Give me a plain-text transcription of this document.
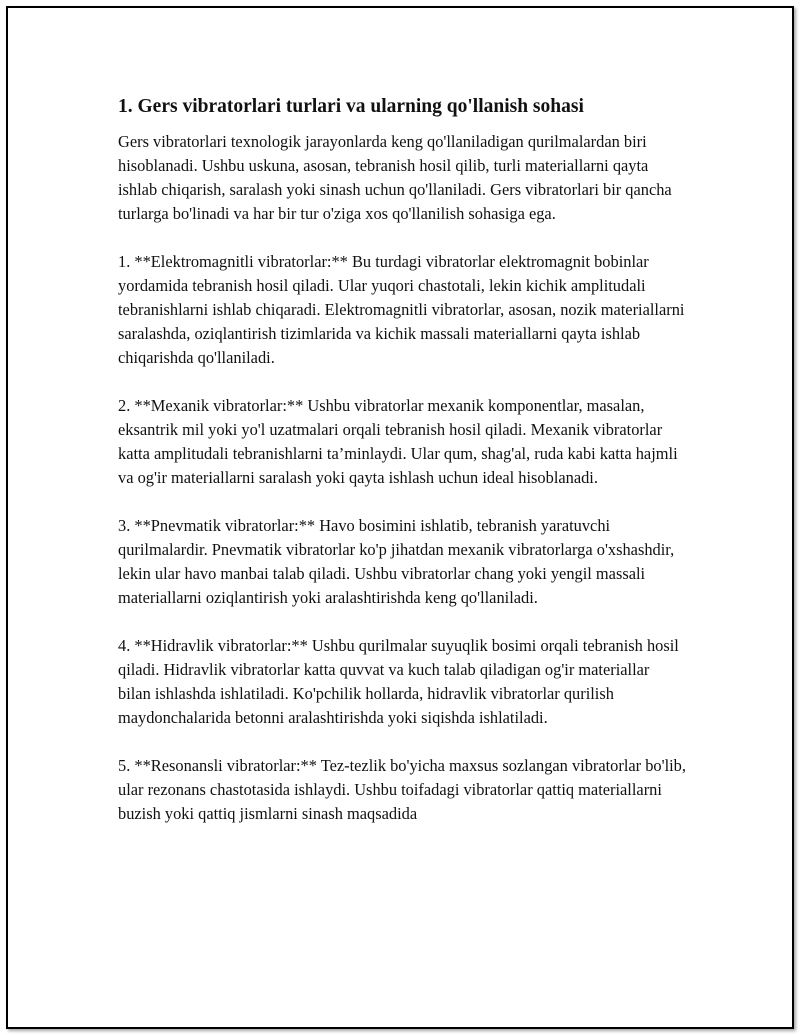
1. Gers vibratorlari turlari va ularning qo'llanish sohasi

Gers vibratorlari texnologik jarayonlarda keng qo'llaniladigan qurilmalardan biri hisoblanadi. Ushbu uskuna, asosan, tebranish hosil qilib, turli materiallarni qayta ishlab chiqarish, saralash yoki sinash uchun qo'llaniladi. Gers vibratorlari bir qancha turlarga bo'linadi va har bir tur o'ziga xos qo'llanilish sohasiga ega.

1. **Elektromagnitli vibratorlar:** Bu turdagi vibratorlar elektromagnit bobinlar yordamida tebranish hosil qiladi. Ular yuqori chastotali, lekin kichik amplitudali tebranishlarni ishlab chiqaradi. Elektromagnitli vibratorlar, asosan, nozik materiallarni saralashda, oziqlantirish tizimlarida va kichik massali materiallarni qayta ishlab chiqarishda qo'llaniladi.

2. **Mexanik vibratorlar:** Ushbu vibratorlar mexanik komponentlar, masalan, eksantrik mil yoki yo'l uzatmalari orqali tebranish hosil qiladi. Mexanik vibratorlar katta amplitudali tebranishlarni ta’minlaydi. Ular qum, shag'al, ruda kabi katta hajmli va og'ir materiallarni saralash yoki qayta ishlash uchun ideal hisoblanadi.

3. **Pnevmatik vibratorlar:** Havo bosimini ishlatib, tebranish yaratuvchi qurilmalardir. Pnevmatik vibratorlar ko'p jihatdan mexanik vibratorlarga o'xshashdir, lekin ular havo manbai talab qiladi. Ushbu vibratorlar chang yoki yengil massali materiallarni oziqlantirish yoki aralashtirishda keng qo'llaniladi.

4. **Hidravlik vibratorlar:** Ushbu qurilmalar suyuqlik bosimi orqali tebranish hosil qiladi. Hidravlik vibratorlar katta quvvat va kuch talab qiladigan og'ir materiallar bilan ishlashda ishlatiladi. Ko'pchilik hollarda, hidravlik vibratorlar qurilish maydonchalarida betonni aralashtirishda yoki siqishda ishlatiladi.

5. **Resonansli vibratorlar:** Tez-tezlik bo'yicha maxsus sozlangan vibratorlar bo'lib, ular rezonans chastotasida ishlaydi. Ushbu toifadagi vibratorlar qattiq materiallarni buzish yoki qattiq jismlarni sinash maqsadida
